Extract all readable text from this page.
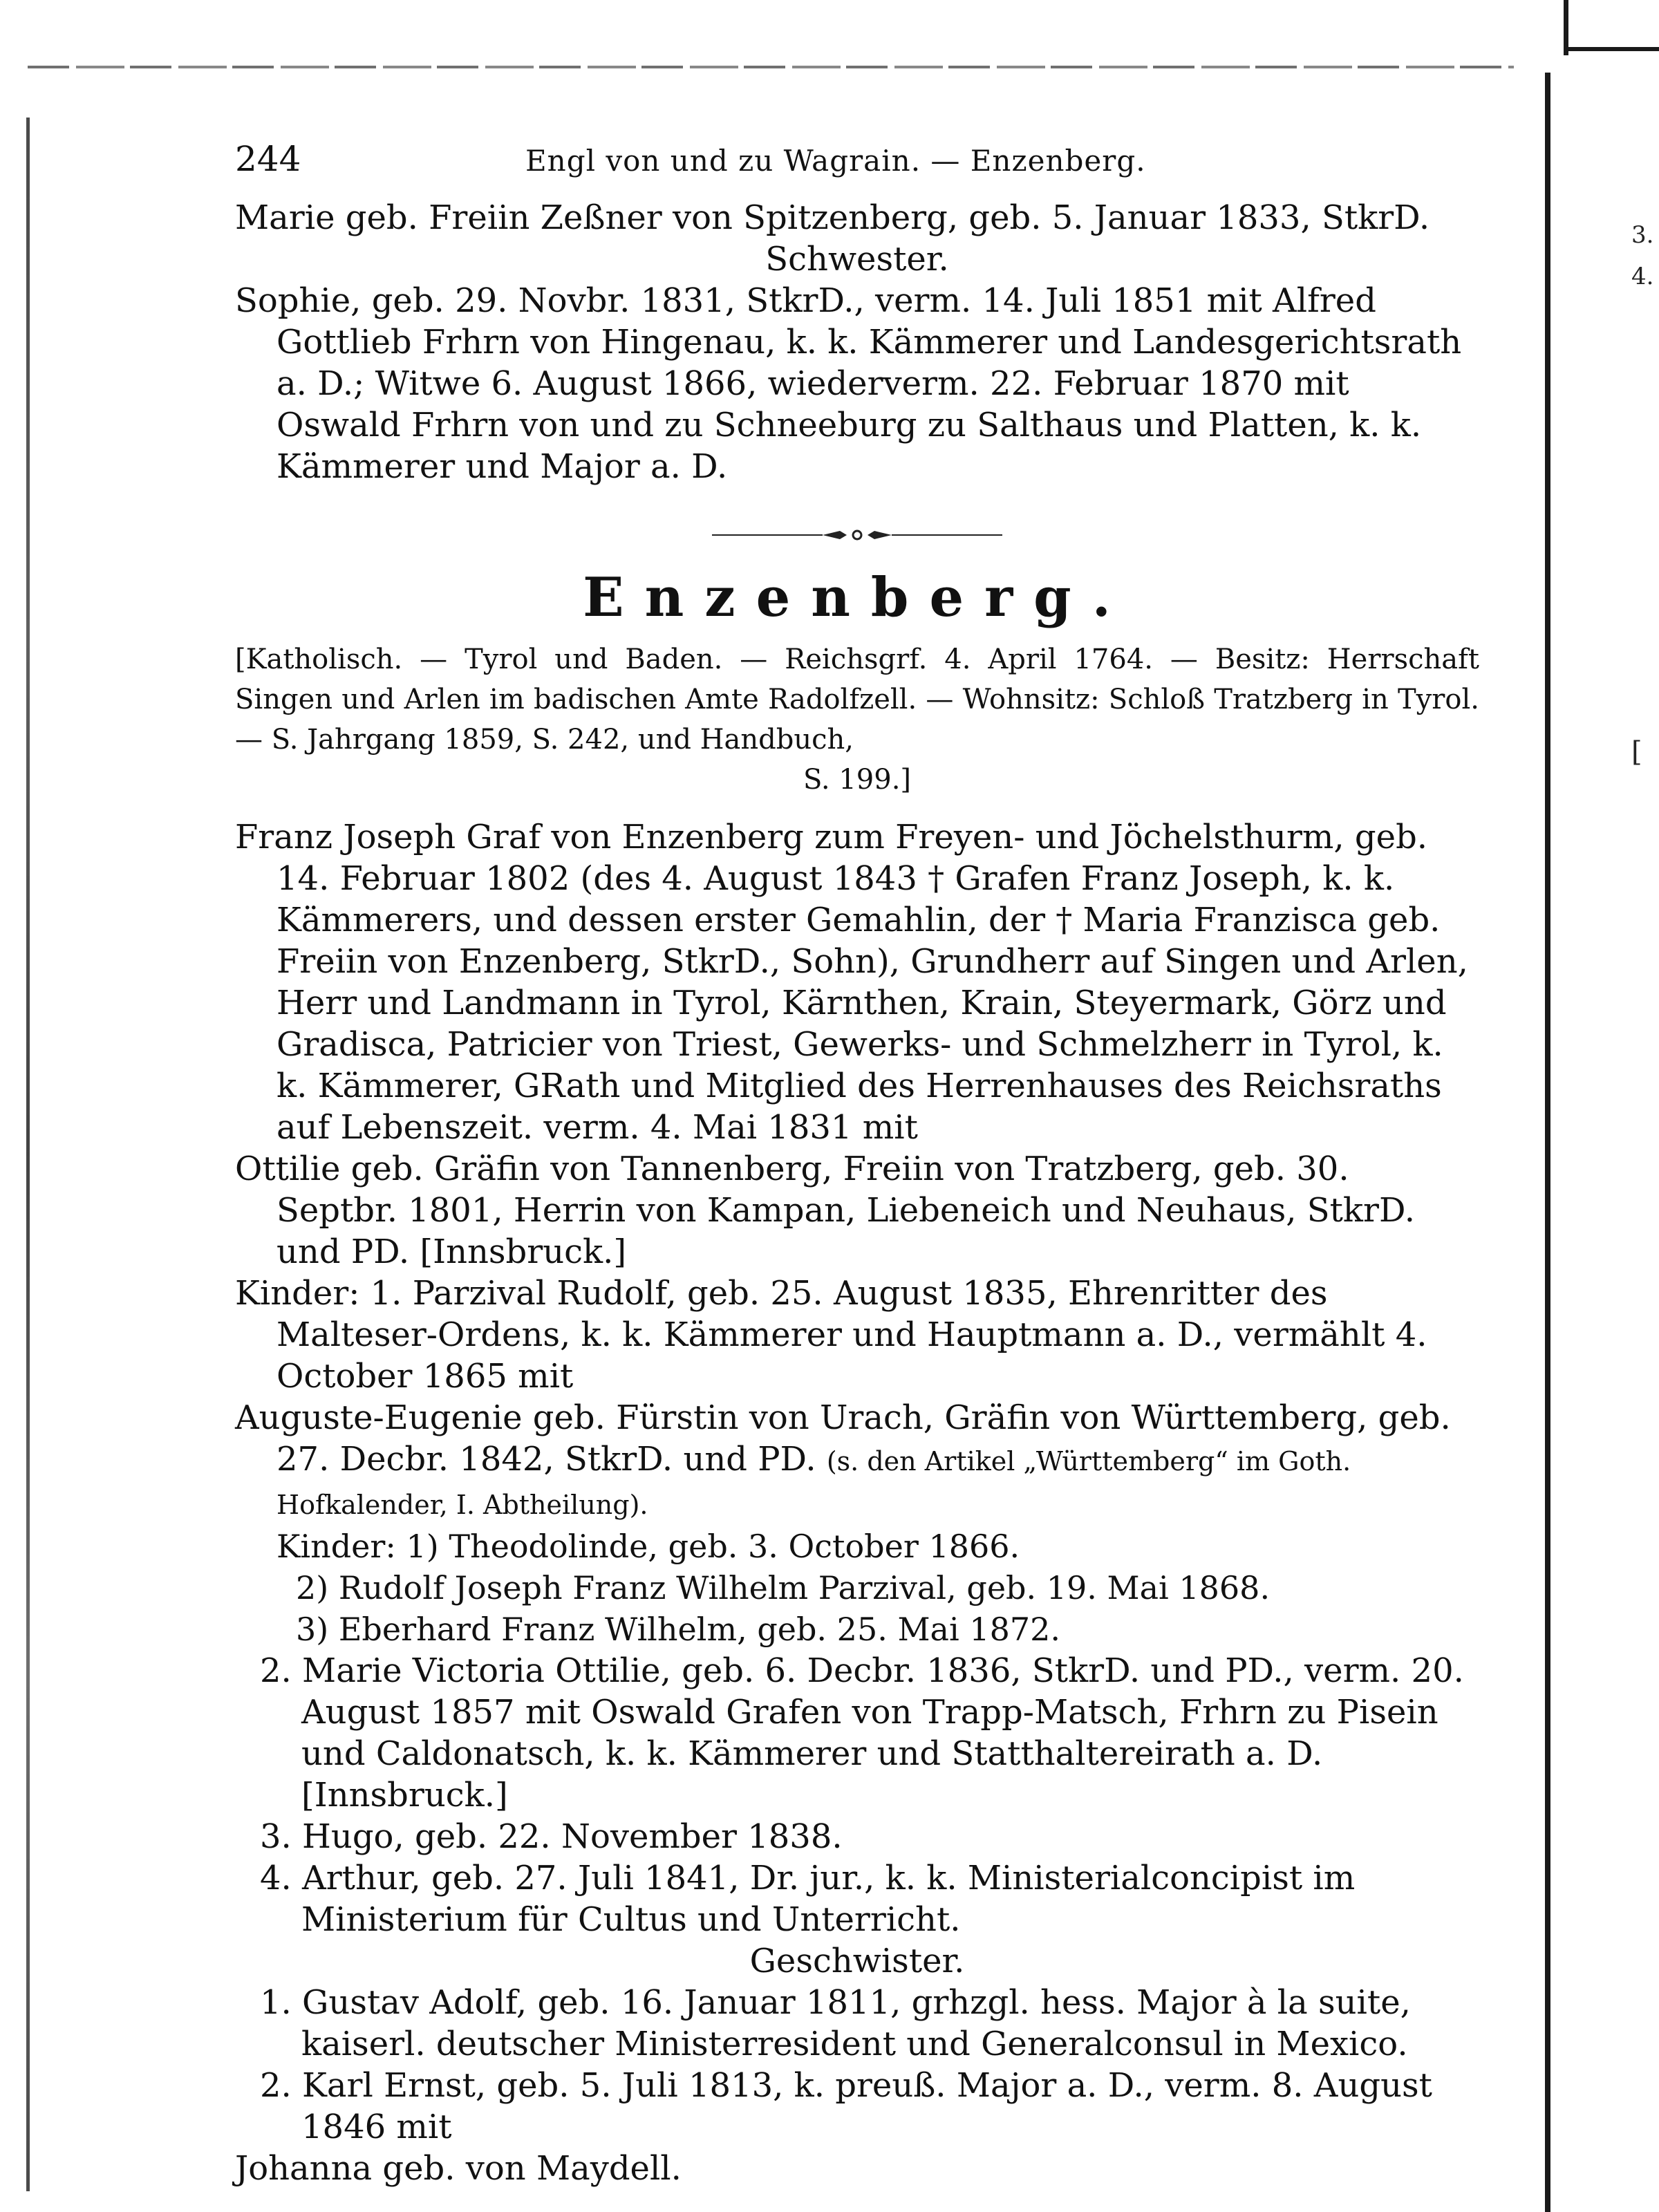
3.
4.
[
244	Engl von und zu Wagrain. — Enzenberg.

Marie geb. Freiin Zeßner von Spitzenberg, geb. 5. Januar 1833, StkrD.

Schwester.

Sophie, geb. 29. Novbr. 1831, StkrD., verm. 14. Juli 1851 mit Alfred Gottlieb Frhrn von Hingenau, k. k. Kämmerer und Landesgerichtsrath a. D.; Witwe 6. August 1866, wiederverm. 22. Februar 1870 mit Oswald Frhrn von und zu Schneeburg zu Salthaus und Platten, k. k. Kämmerer und Major a. D.

Enzenberg.

[Katholisch. — Tyrol und Baden. — Reichsgrf. 4. April 1764. — Besitz: Herrschaft Singen und Arlen im badischen Amte Radolfzell. — Wohnsitz: Schloß Tratzberg in Tyrol. — S. Jahrgang 1859, S. 242, und Handbuch,
S. 199.]

Franz Joseph Graf von Enzenberg zum Freyen- und Jöchelsthurm, geb. 14. Februar 1802 (des 4. August 1843 † Grafen Franz Joseph, k. k. Kämmerers, und dessen erster Gemahlin, der † Maria Franzisca geb. Freiin von Enzenberg, StkrD., Sohn), Grundherr auf Singen und Arlen, Herr und Landmann in Tyrol, Kärnthen, Krain, Steyermark, Görz und Gradisca, Patricier von Triest, Gewerks- und Schmelzherr in Tyrol, k. k. Kämmerer, GRath und Mitglied des Herrenhauses des Reichsraths auf Lebenszeit. verm. 4. Mai 1831 mit

Ottilie geb. Gräfin von Tannenberg, Freiin von Tratzberg, geb. 30. Septbr. 1801, Herrin von Kampan, Liebeneich und Neuhaus, StkrD. und PD. [Innsbruck.]

Kinder: 1. Parzival Rudolf, geb. 25. August 1835, Ehrenritter des Malteser-Ordens, k. k. Kämmerer und Hauptmann a. D., vermählt 4. October 1865 mit

Auguste-Eugenie geb. Fürstin von Urach, Gräfin von Württemberg, geb. 27. Decbr. 1842, StkrD. und PD. (s. den Artikel „Württemberg“ im Goth. Hofkalender, I. Abtheilung).

Kinder: 1) Theodolinde, geb. 3. October 1866.

2) Rudolf Joseph Franz Wilhelm Parzival, geb. 19. Mai 1868.

3) Eberhard Franz Wilhelm, geb. 25. Mai 1872.

2. Marie Victoria Ottilie, geb. 6. Decbr. 1836, StkrD. und PD., verm. 20. August 1857 mit Oswald Grafen von Trapp-Matsch, Frhrn zu Pisein und Caldonatsch, k. k. Kämmerer und Statthaltereirath a. D. [Innsbruck.]

3. Hugo, geb. 22. November 1838.

4. Arthur, geb. 27. Juli 1841, Dr. jur., k. k. Ministerialconcipist im Ministerium für Cultus und Unterricht.

Geschwister.

1. Gustav Adolf, geb. 16. Januar 1811, grhzgl. hess. Major à la suite, kaiserl. deutscher Ministerresident und Generalconsul in Mexico.

2. Karl Ernst, geb. 5. Juli 1813, k. preuß. Major a. D., verm. 8. August 1846 mit

Johanna geb. von Maydell.
